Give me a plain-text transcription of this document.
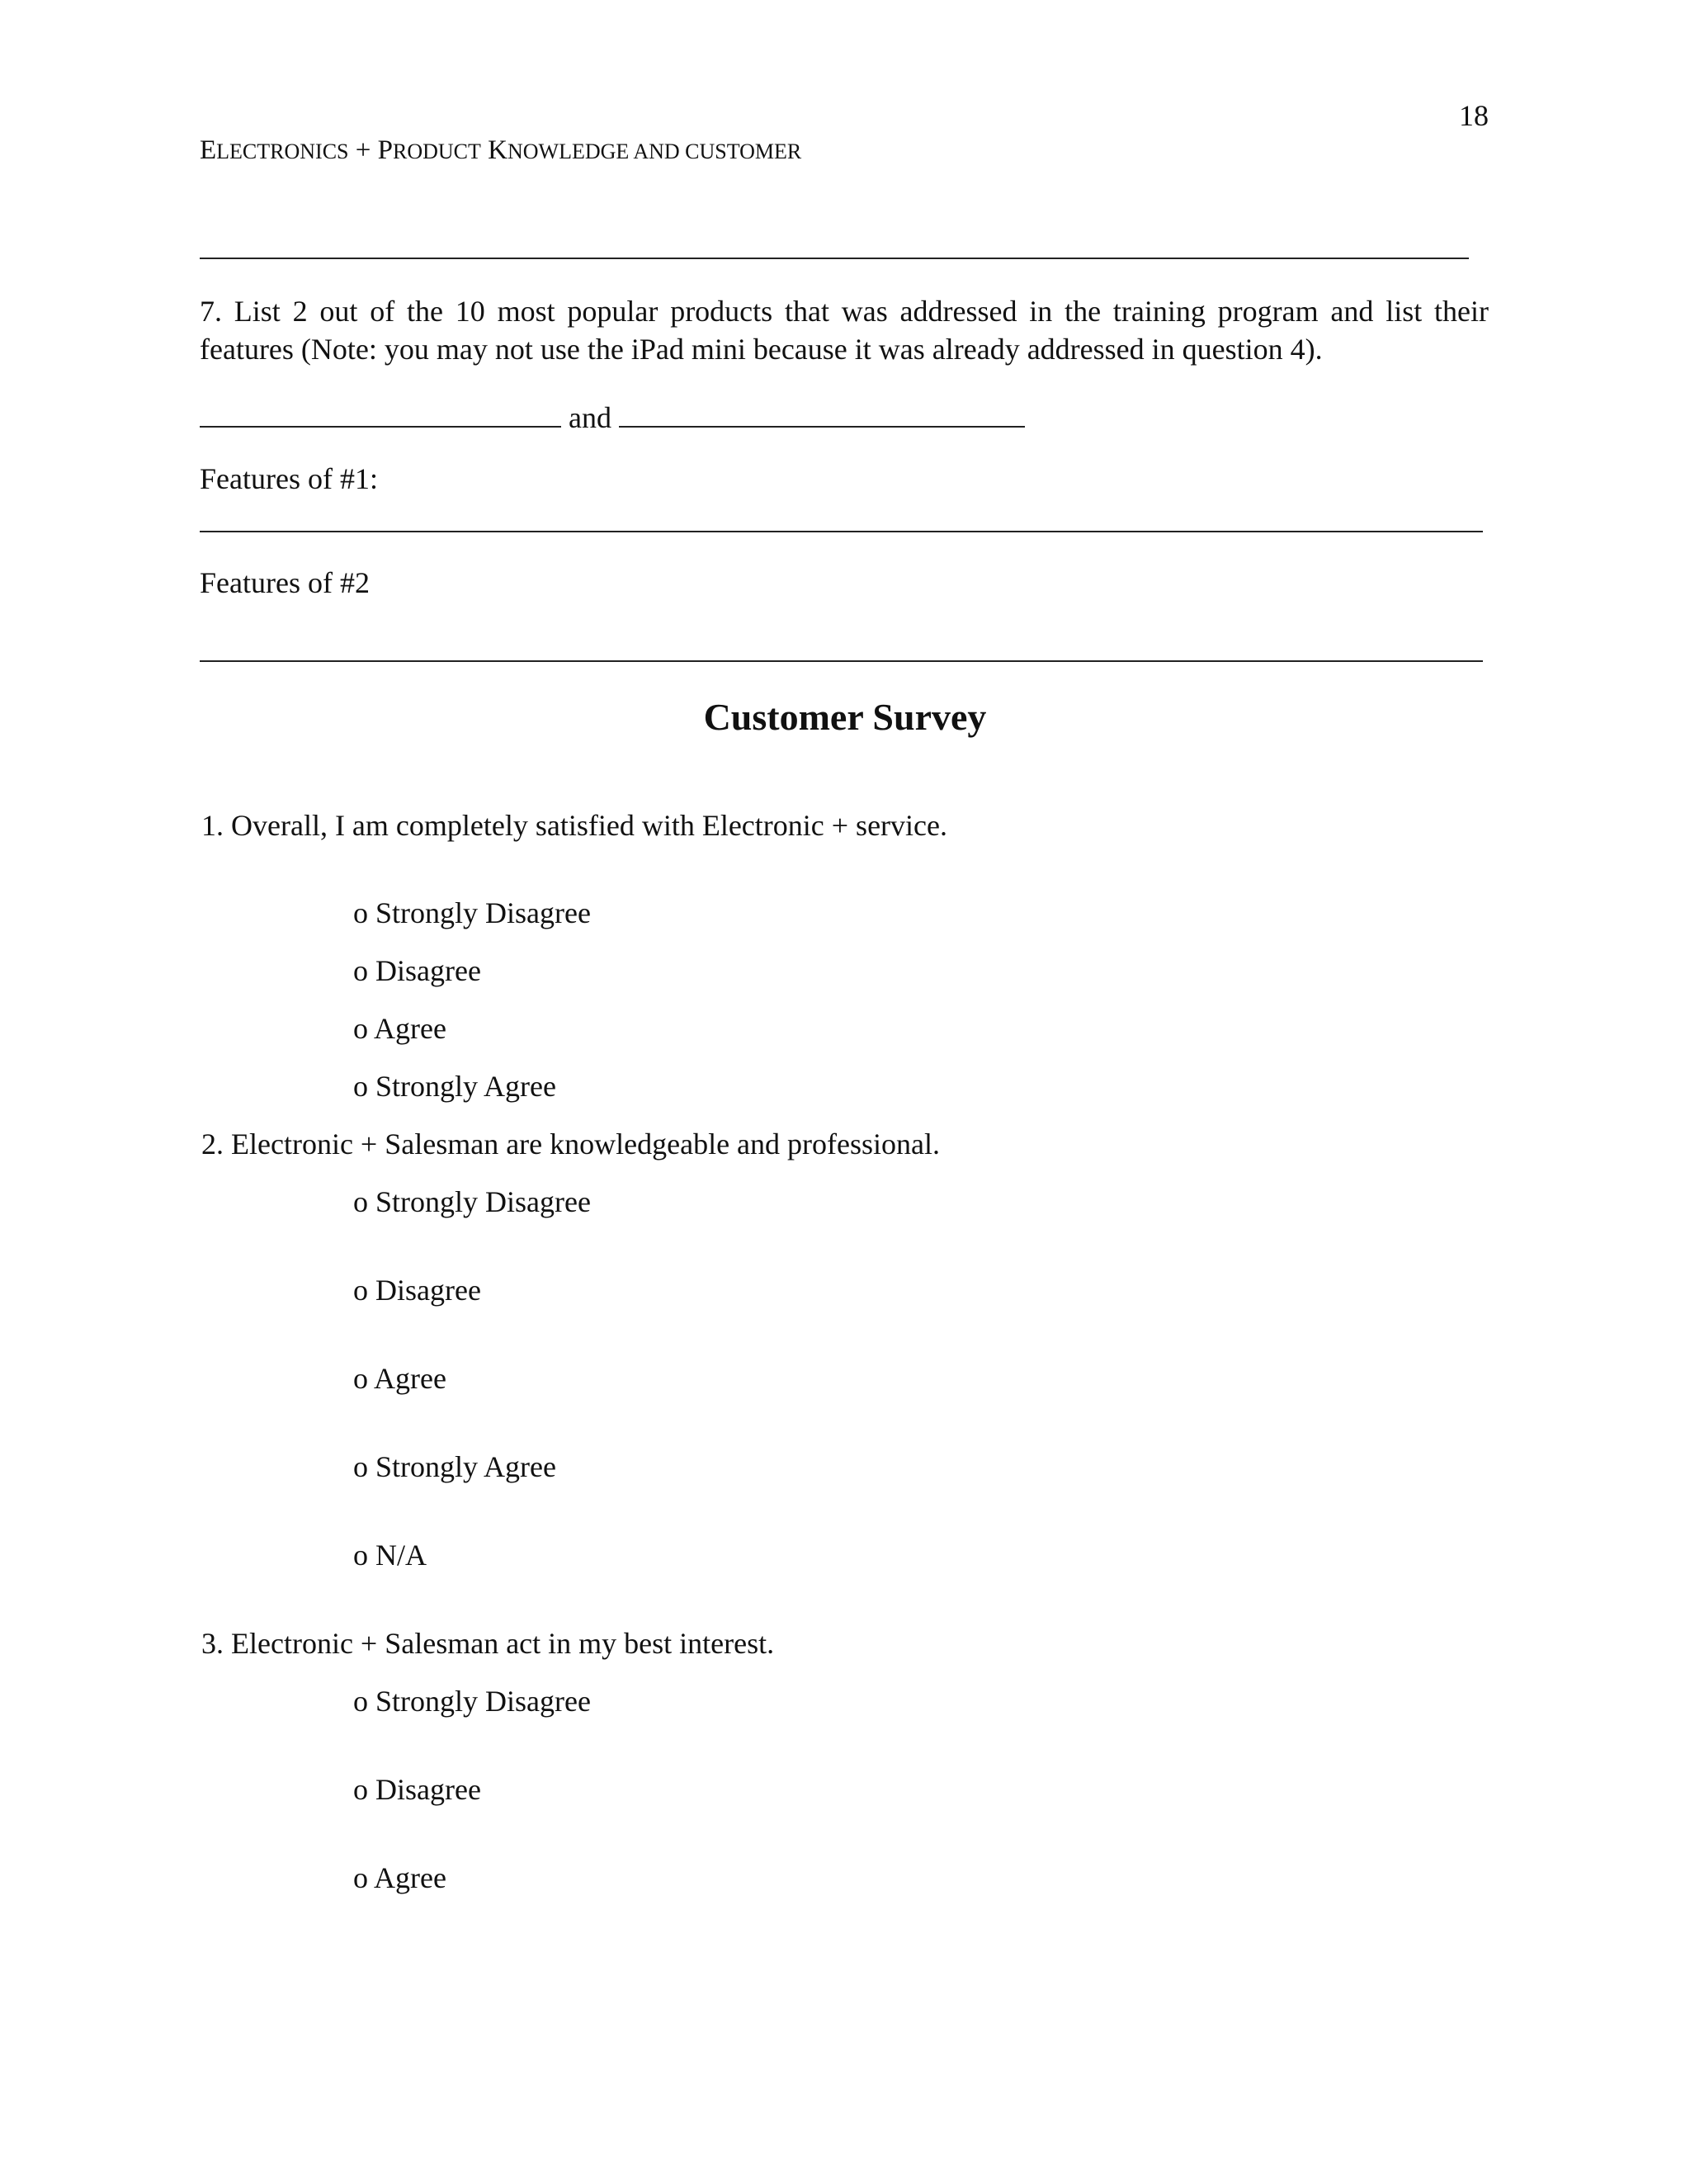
18
ELECTRONICS + PRODUCT KNOWLEDGE AND CUSTOMER
7. List 2 out of the 10 most popular products that was addressed in the training program and list their features (Note: you may not use the iPad mini because it was already addressed in question 4).
and
Features of #1:
Features of #2
Customer Survey
1. Overall, I am completely satisfied with Electronic + service.
o Strongly Disagree
o Disagree
o Agree
o Strongly Agree
2. Electronic + Salesman are knowledgeable and professional.
o Strongly Disagree
o Disagree
o Agree
o Strongly Agree
o N/A
3. Electronic + Salesman act in my best interest.
o Strongly Disagree
o Disagree
o Agree
